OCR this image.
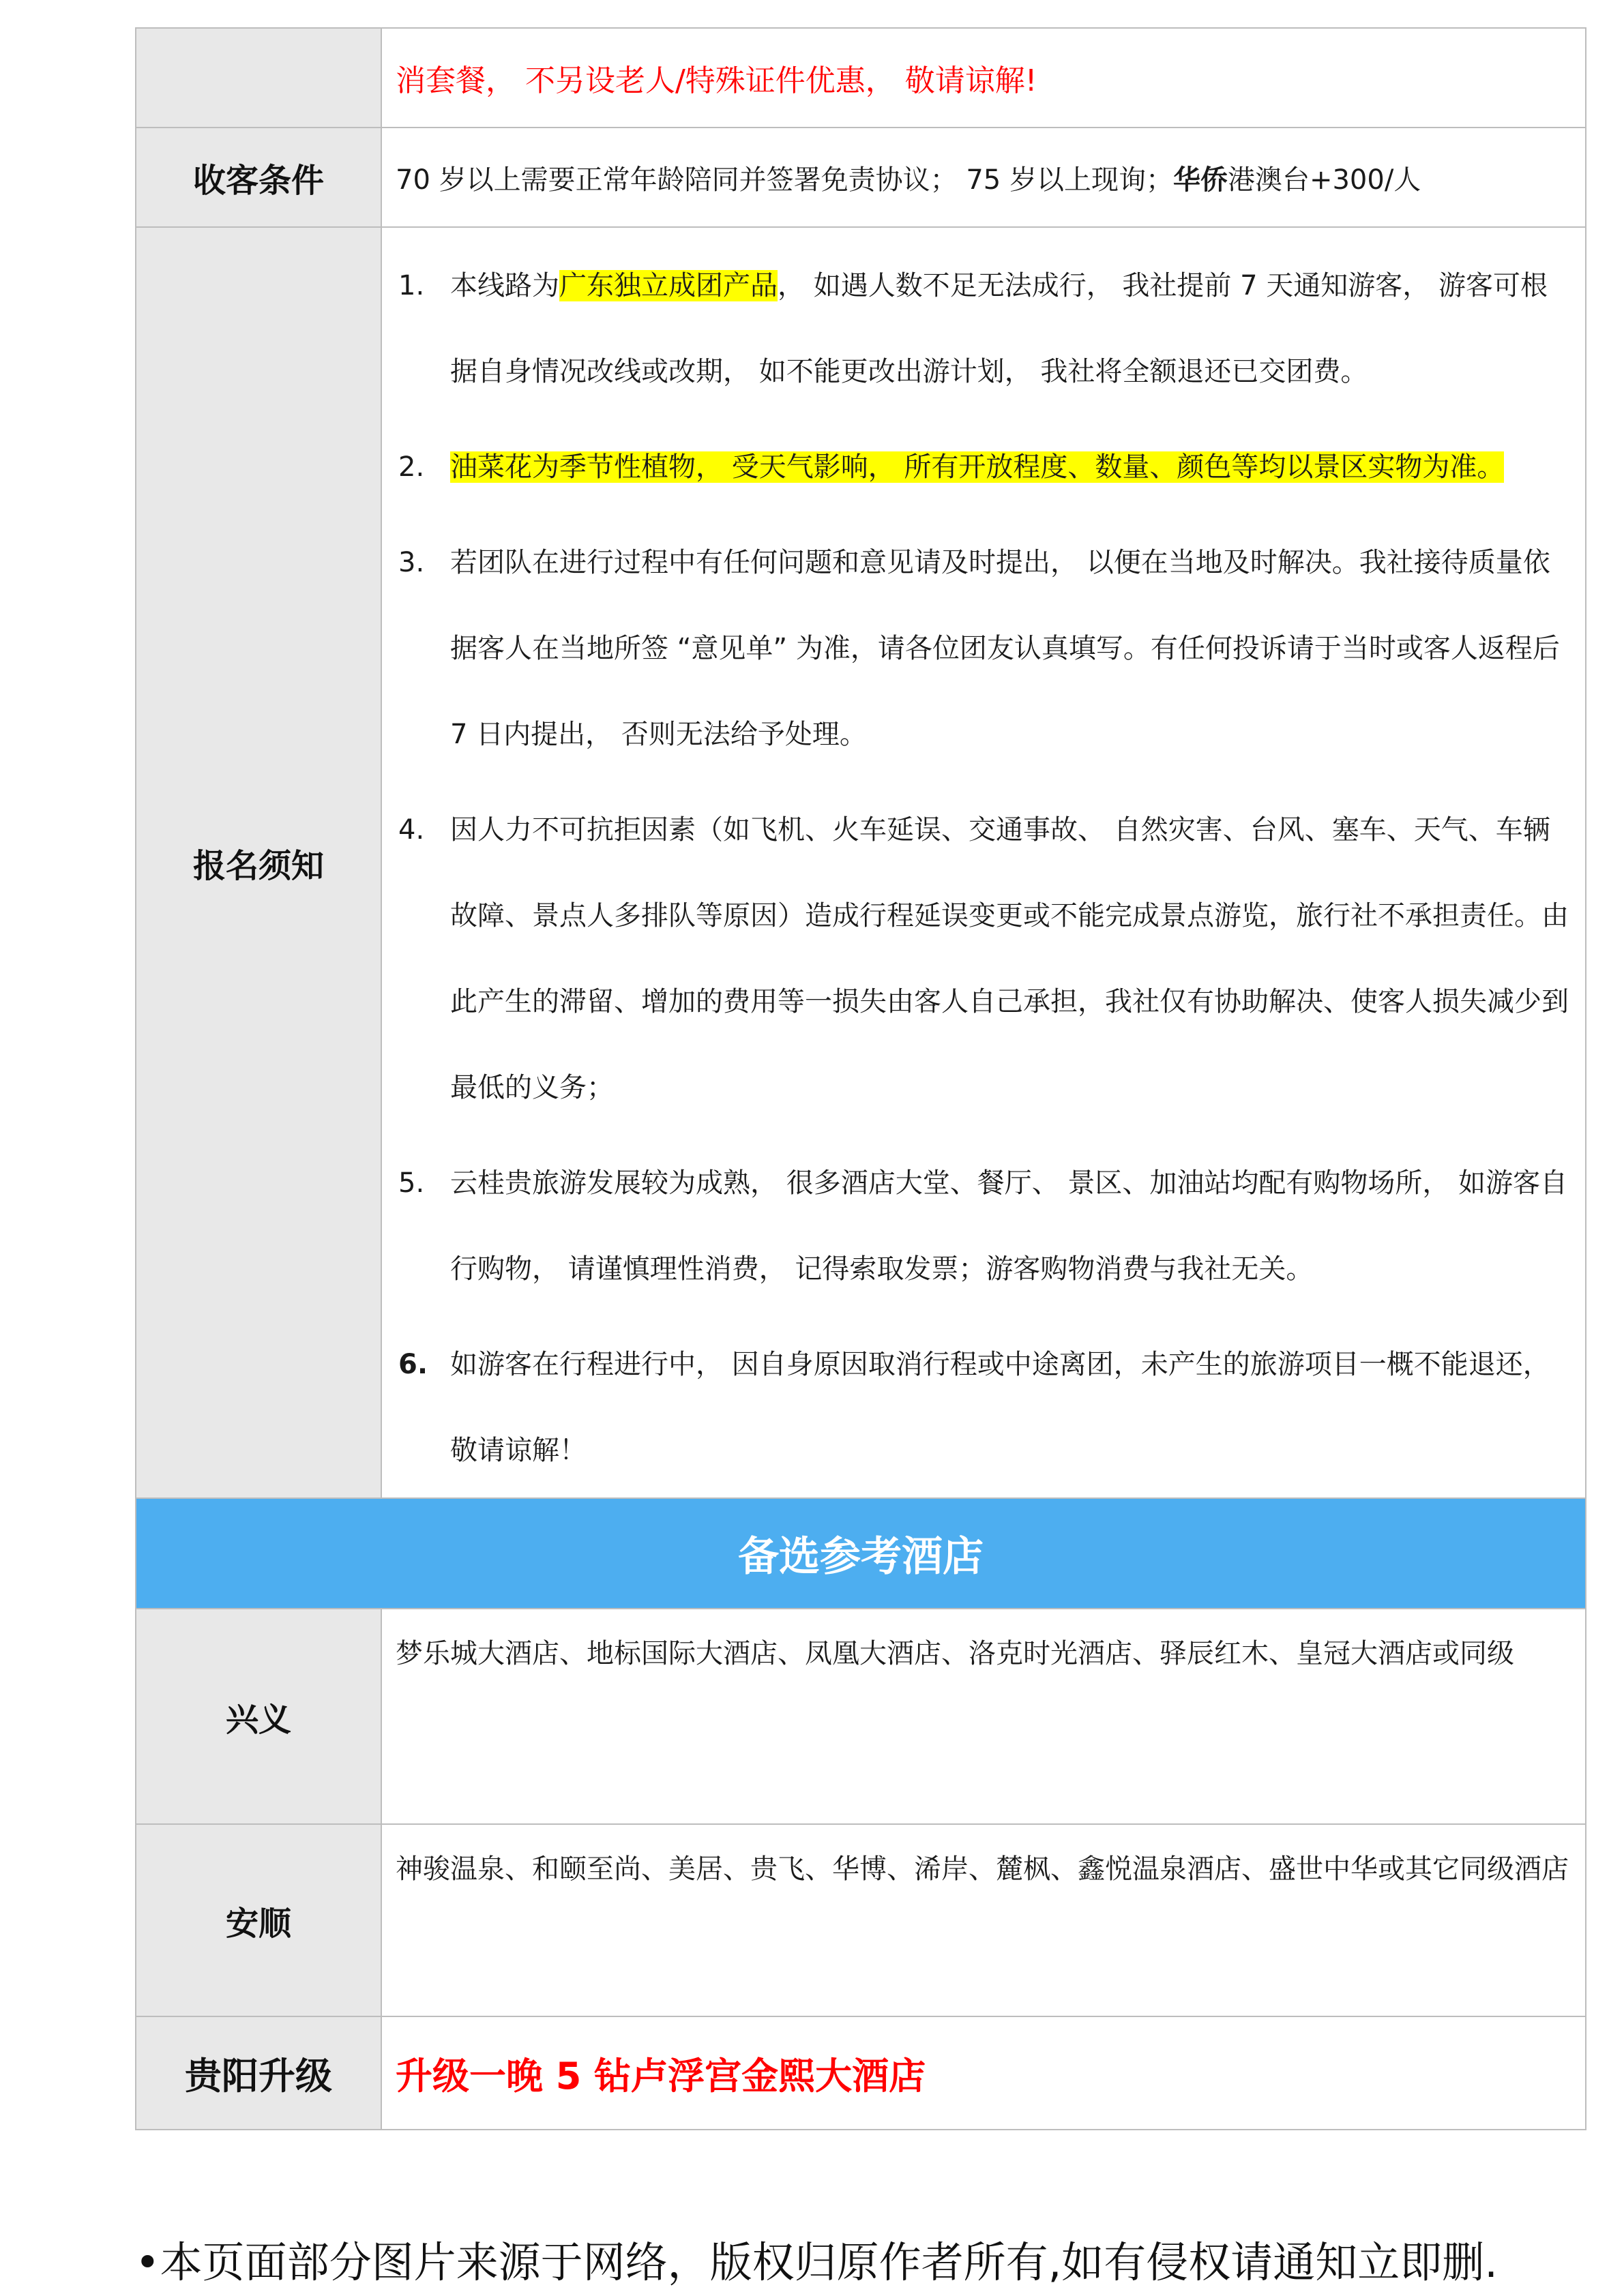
消套餐， 不另设老人/特殊证件优惠， 敬请谅解!
收客条件	70 岁以上需要正常年龄陪同并签署免责协议； 75 岁以上现询； 华侨 港澳台+300/人
报名须知
1. 本线路为广东独立成团产品， 如遇人数不足无法成行， 我社提前 7 天通知游客， 游客可根据自身情况改线或改期， 如不能更改出游计划， 我社将全额退还已交团费。
2. 油菜花为季节性植物， 受天气影响， 所有开放程度、数量、颜色等均以景区实物为准。
3. 若团队在进行过程中有任何问题和意见请及时提出， 以便在当地及时解决。我社接待质量依据客人在当地所签 “意见单” 为准，请各位团友认真填写。有任何投诉请于当时或客人返程后 7 日内提出， 否则无法给予处理。
4. 因人力不可抗拒因素（如飞机、火车延误、交通事故、 自然灾害、台风、塞车、天气、车辆故障、景点人多排队等原因）造成行程延误变更或不能完成景点游览，旅行社不承担责任。由此产生的滞留、增加的费用等一损失由客人自己承担，我社仅有协助解决、使客人损失减少到最低的义务；
5. 云桂贵旅游发展较为成熟， 很多酒店大堂、餐厅、 景区、加油站均配有购物场所， 如游客自行购物， 请谨慎理性消费， 记得索取发票；游客购物消费与我社无关。
6. 如游客在行程进行中， 因自身原因取消行程或中途离团，未产生的旅游项目一概不能退还，敬请谅解！
备选参考酒店
兴义
梦乐城大酒店、地标国际大酒店、凤凰大酒店、洛克时光酒店、驿辰红木、皇冠大酒店或同级
安顺
神骏温泉、和颐至尚、美居、贵飞、华博、浠岸、麓枫、鑫悦温泉酒店、盛世中华或其它同级酒店
贵阳升级	升级一晚 5 钻卢浮宫金熙大酒店
•本页面部分图片来源于网络，版权归原作者所有,如有侵权请通知立即删.
